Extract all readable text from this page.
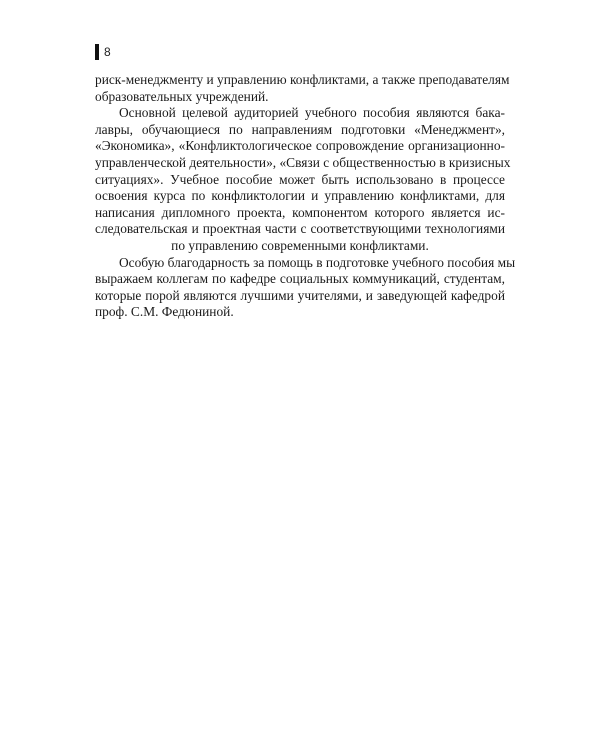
8
риск-менеджменту и управлению конфликтами, а также преподавателям
образовательных учреждений.
Основной целевой аудиторией учебного пособия являются бака-
лавры, обучающиеся по направлениям подготовки «Менеджмент»,
«Экономика», «Конфликтологическое сопровождение организационно-
управленческой деятельности», «Связи с общественностью в кризисных
ситуациях». Учебное пособие может быть использовано в процессе
освоения курса по конфликтологии и управлению конфликтами, для
написания дипломного проекта, компонентом которого является ис-
следовательская и проектная части с соответствующими технологиями
по управлению современными конфликтами.
Особую благодарность за помощь в подготовке учебного пособия мы
выражаем коллегам по кафедре социальных коммуникаций, студентам,
которые порой являются лучшими учителями, и заведующей кафедрой
проф. С.М. Федюниной.
